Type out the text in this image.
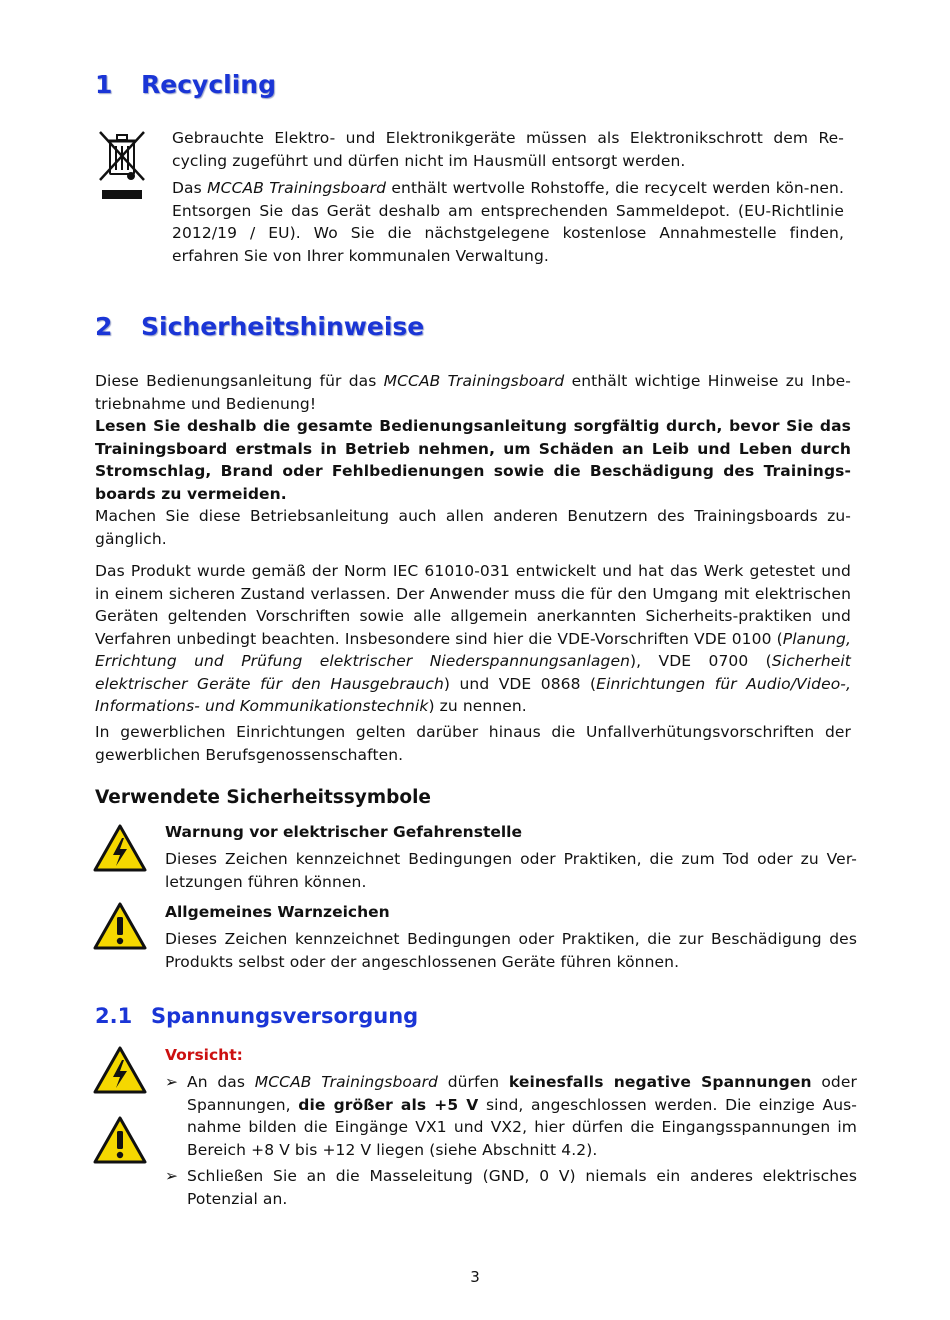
1 Recycling
Gebrauchte Elektro- und Elektronikgeräte müssen als Elektronikschrott dem Re-cycling zugeführt und dürfen nicht im Hausmüll entsorgt werden.
Das MCCAB Trainingsboard enthält wertvolle Rohstoffe, die recycelt werden kön-nen. Entsorgen Sie das Gerät deshalb am entsprechenden Sammeldepot. (EU-Richtlinie 2012/19 / EU). Wo Sie die nächstgelegene kostenlose Annahmestelle finden, erfahren Sie von Ihrer kommunalen Verwaltung.
2 Sicherheitshinweise
Diese Bedienungsanleitung für das MCCAB Trainingsboard enthält wichtige Hinweise zu Inbe-triebnahme und Bedienung!
Lesen Sie deshalb die gesamte Bedienungsanleitung sorgfältig durch, bevor Sie das Trainingsboard erstmals in Betrieb nehmen, um Schäden an Leib und Leben durch Stromschlag, Brand oder Fehlbedienungen sowie die Beschädigung des Trainings-boards zu vermeiden.
Machen Sie diese Betriebsanleitung auch allen anderen Benutzern des Trainingsboards zu-gänglich.
Das Produkt wurde gemäß der Norm IEC 61010-031 entwickelt und hat das Werk getestet und in einem sicheren Zustand verlassen. Der Anwender muss die für den Umgang mit elektrischen Geräten geltenden Vorschriften sowie alle allgemein anerkannten Sicherheits-praktiken und Verfahren unbedingt beachten. Insbesondere sind hier die VDE-Vorschriften VDE 0100 (Planung, Errichtung und Prüfung elektrischer Niederspannungsanlagen), VDE 0700 (Sicherheit elektrischer Geräte für den Hausgebrauch) und VDE 0868 (Einrichtungen für Audio/Video-, Informations- und Kommunikationstechnik) zu nennen.
In gewerblichen Einrichtungen gelten darüber hinaus die Unfallverhütungsvorschriften der gewerblichen Berufsgenossenschaften.
Verwendete Sicherheitssymbole
Warnung vor elektrischer Gefahrenstelle
Dieses Zeichen kennzeichnet Bedingungen oder Praktiken, die zum Tod oder zu Ver-letzungen führen können.
Allgemeines Warnzeichen
Dieses Zeichen kennzeichnet Bedingungen oder Praktiken, die zur Beschädigung des Produkts selbst oder der angeschlossenen Geräte führen können.
2.1 Spannungsversorgung
Vorsicht:
➢ An das MCCAB Trainingsboard dürfen keinesfalls negative Spannungen oder Spannungen, die größer als +5 V sind, angeschlossen werden. Die einzige Aus-nahme bilden die Eingänge VX1 und VX2, hier dürfen die Eingangsspannungen im Bereich +8 V bis +12 V liegen (siehe Abschnitt 4.2).
➢ Schließen Sie an die Masseleitung (GND, 0 V) niemals ein anderes elektrisches Potenzial an.
3
